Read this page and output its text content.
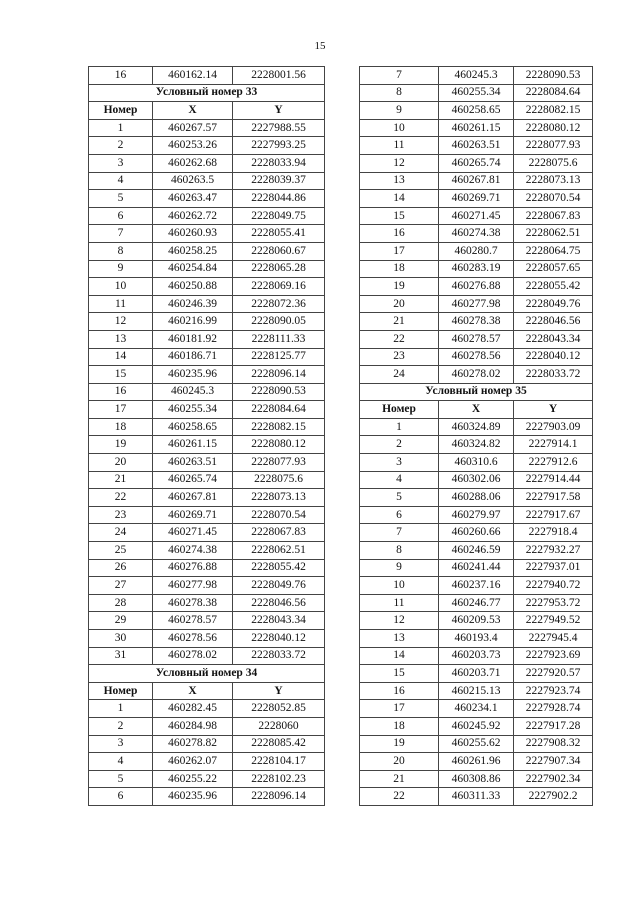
15
16	460162.14	2228001.56
Условный номер 33		
Номер	X	Y
1	460267.57	2227988.55
2	460253.26	2227993.25
3	460262.68	2228033.94
4	460263.5	2228039.37
5	460263.47	2228044.86
6	460262.72	2228049.75
7	460260.93	2228055.41
8	460258.25	2228060.67
9	460254.84	2228065.28
10	460250.88	2228069.16
11	460246.39	2228072.36
12	460216.99	2228090.05
13	460181.92	2228111.33
14	460186.71	2228125.77
15	460235.96	2228096.14
16	460245.3	2228090.53
17	460255.34	2228084.64
18	460258.65	2228082.15
19	460261.15	2228080.12
20	460263.51	2228077.93
21	460265.74	2228075.6
22	460267.81	2228073.13
23	460269.71	2228070.54
24	460271.45	2228067.83
25	460274.38	2228062.51
26	460276.88	2228055.42
27	460277.98	2228049.76
28	460278.38	2228046.56
29	460278.57	2228043.34
30	460278.56	2228040.12
31	460278.02	2228033.72
Условный номер 34		
Номер	X	Y
1	460282.45	2228052.85
2	460284.98	2228060
3	460278.82	2228085.42
4	460262.07	2228104.17
5	460255.22	2228102.23
6	460235.96	2228096.14
7	460245.3	2228090.53
8	460255.34	2228084.64
9	460258.65	2228082.15
10	460261.15	2228080.12
11	460263.51	2228077.93
12	460265.74	2228075.6
13	460267.81	2228073.13
14	460269.71	2228070.54
15	460271.45	2228067.83
16	460274.38	2228062.51
17	460280.7	2228064.75
18	460283.19	2228057.65
19	460276.88	2228055.42
20	460277.98	2228049.76
21	460278.38	2228046.56
22	460278.57	2228043.34
23	460278.56	2228040.12
24	460278.02	2228033.72
Условный номер 35		
Номер	X	Y
1	460324.89	2227903.09
2	460324.82	2227914.1
3	460310.6	2227912.6
4	460302.06	2227914.44
5	460288.06	2227917.58
6	460279.97	2227917.67
7	460260.66	2227918.4
8	460246.59	2227932.27
9	460241.44	2227937.01
10	460237.16	2227940.72
11	460246.77	2227953.72
12	460209.53	2227949.52
13	460193.4	2227945.4
14	460203.73	2227923.69
15	460203.71	2227920.57
16	460215.13	2227923.74
17	460234.1	2227928.74
18	460245.92	2227917.28
19	460255.62	2227908.32
20	460261.96	2227907.34
21	460308.86	2227902.34
22	460311.33	2227902.2
